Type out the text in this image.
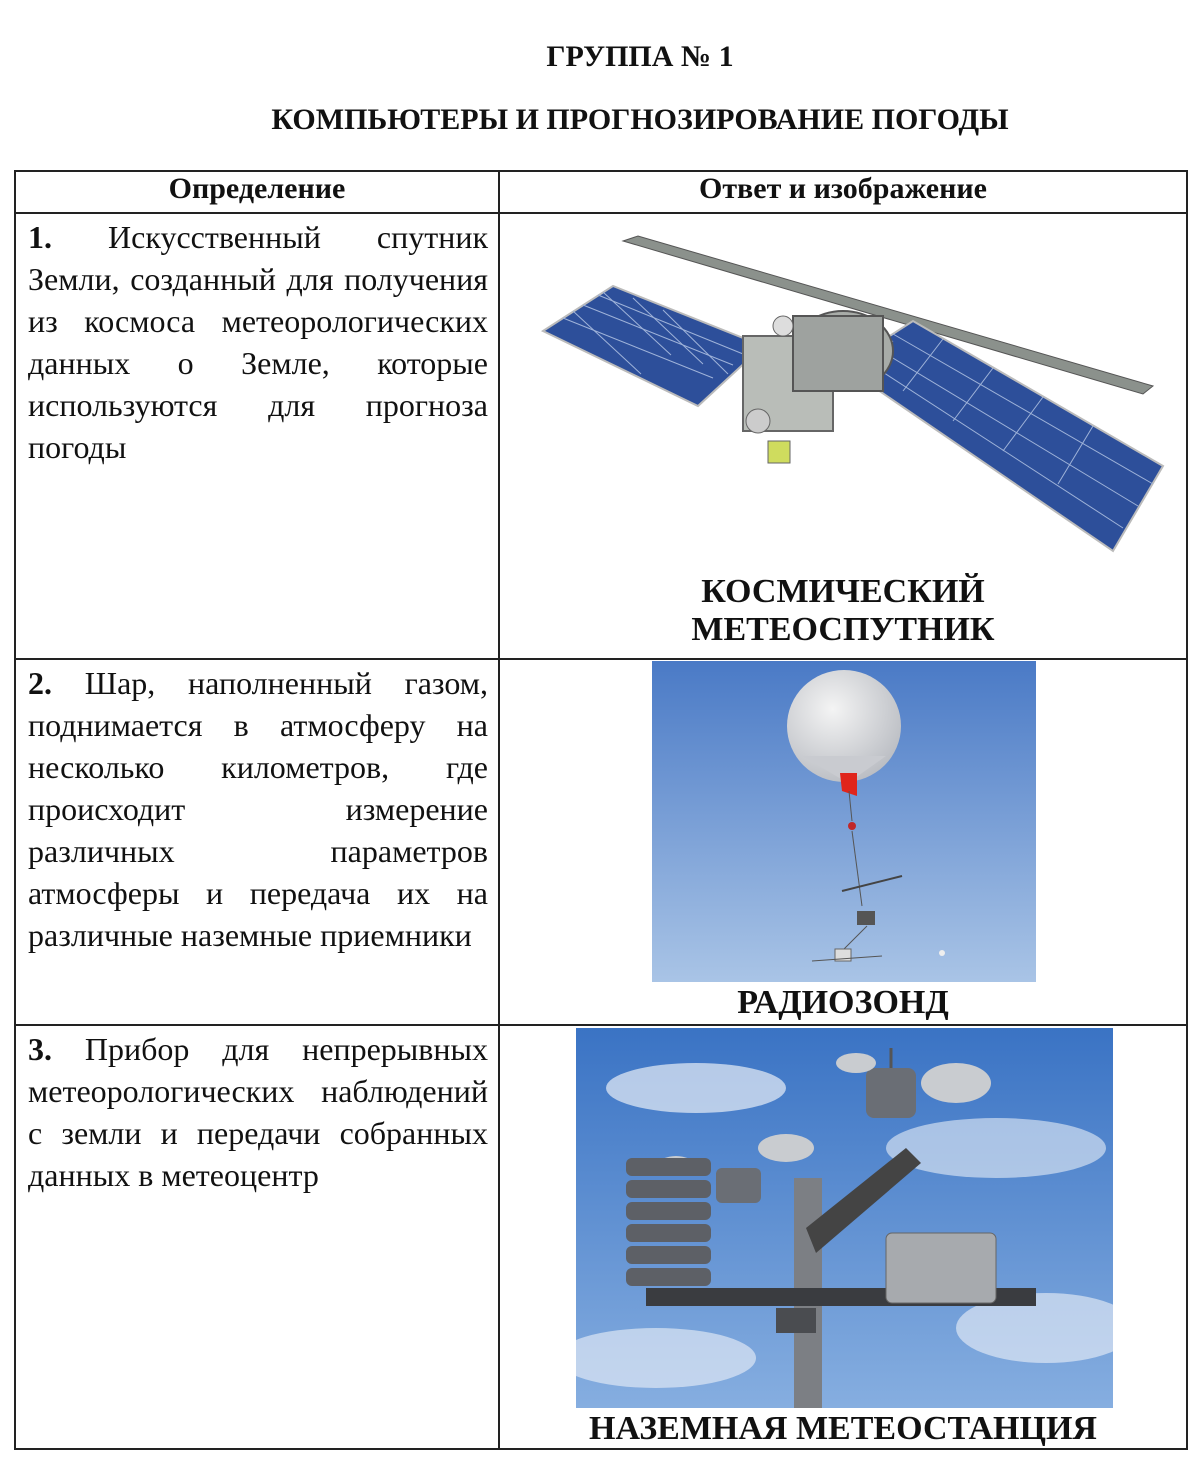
ГРУППА № 1
КОМПЬЮТЕРЫ И ПРОГНОЗИРОВАНИЕ ПОГОДЫ
Определение	Ответ и изображение
1. Искусственный спутник Земли, созданный для получения из космоса метеорологических данных о Земле, которые используются для прогноза погоды	КОСМИЧЕСКИЙ
МЕТЕОСПУТНИК

2. Шар, наполненный газом, поднимается в атмосферу на несколько километров, где происходит измерение различных параметров атмосферы и передача их на различные наземные приемники	РАДИОЗОНД

3. Прибор для непрерывных метеорологических наблюдений с земли и передачи собранных данных в метеоцентр	НАЗЕМНАЯ МЕТЕОСТАНЦИЯ
